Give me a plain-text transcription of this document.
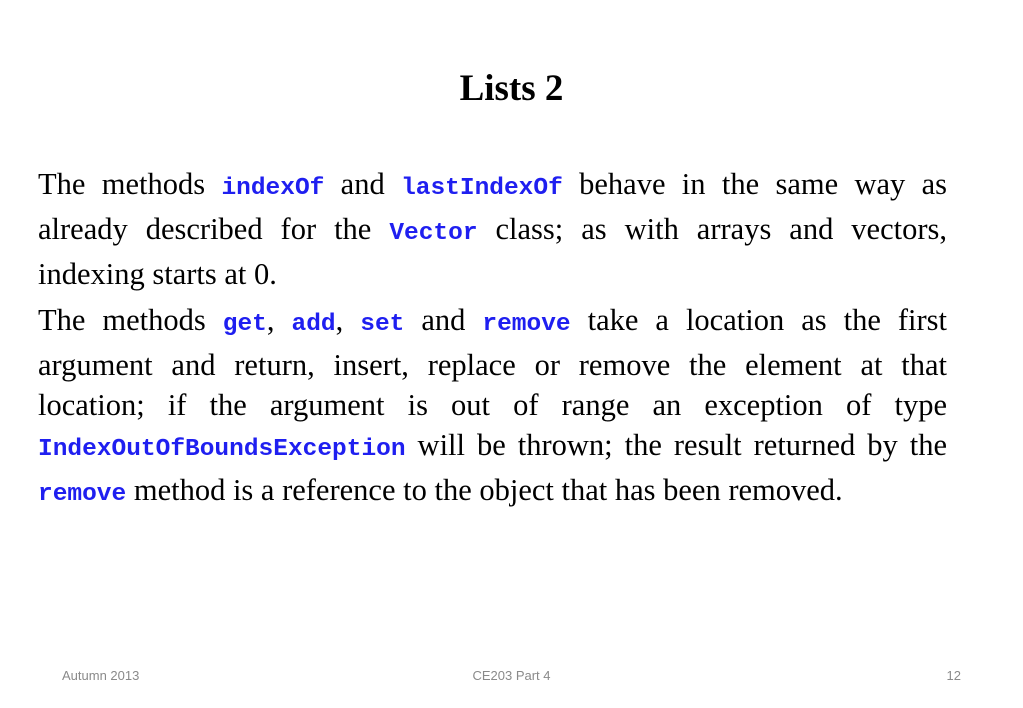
Lists 2

The methods indexOf and lastIndexOf behave in the same way as already described for the Vector class; as with arrays and vectors, indexing starts at 0.

The methods get, add, set and remove take a location as the first argument and return, insert, replace or remove the element at that location; if the argument is out of range an exception of type IndexOutOfBoundsException will be thrown; the result returned by the remove method is a reference to the object that has been removed.

Autumn 2013	CE203 Part 4	12
